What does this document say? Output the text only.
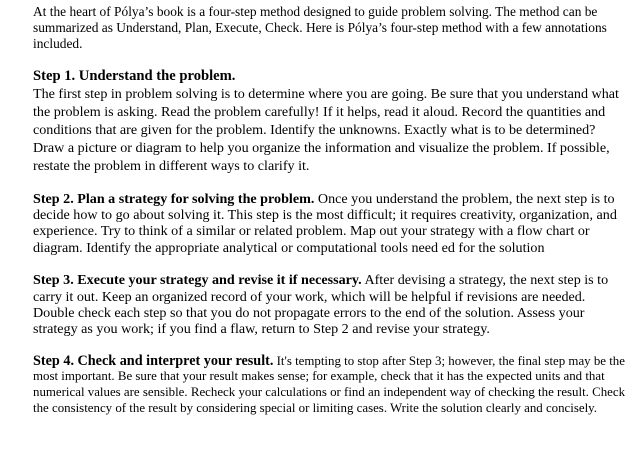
At the heart of Pólya’s book is a four-step method designed to guide problem solving. The method can be summarized as Understand, Plan, Execute, Check. Here is Pólya’s four-step method with a few annotations included.

Step 1. Understand the problem.
The first step in problem solving is to determine where you are going. Be sure that you understand what the problem is asking. Read the problem carefully! If it helps, read it aloud. Record the quantities and conditions that are given for the problem. Identify the unknowns. Exactly what is to be determined? Draw a picture or diagram to help you organize the information and visualize the problem. If possible, restate the problem in different ways to clarify it.
Step 2. Plan a strategy for solving the problem. Once you understand the problem, the next step is to decide how to go about solving it. This step is the most difficult; it requires creativity, organization, and experience. Try to think of a similar or related problem. Map out your strategy with a flow chart or diagram. Identify the appropriate analytical or computational tools need ed for the solution
Step 3. Execute your strategy and revise it if necessary. After devising a strategy, the next step is to carry it out. Keep an organized record of your work, which will be helpful if revisions are needed. Double check each step so that you do not propagate errors to the end of the solution. Assess your strategy as you work; if you find a flaw, return to Step 2 and revise your strategy.
Step 4. Check and interpret your result. It's tempting to stop after Step 3; however, the final step may be the most important. Be sure that your result makes sense; for example, check that it has the expected units and that numerical values are sensible. Recheck your calculations or find an independent way of checking the result. Check the consistency of the result by considering special or limiting cases. Write the solution clearly and concisely.
